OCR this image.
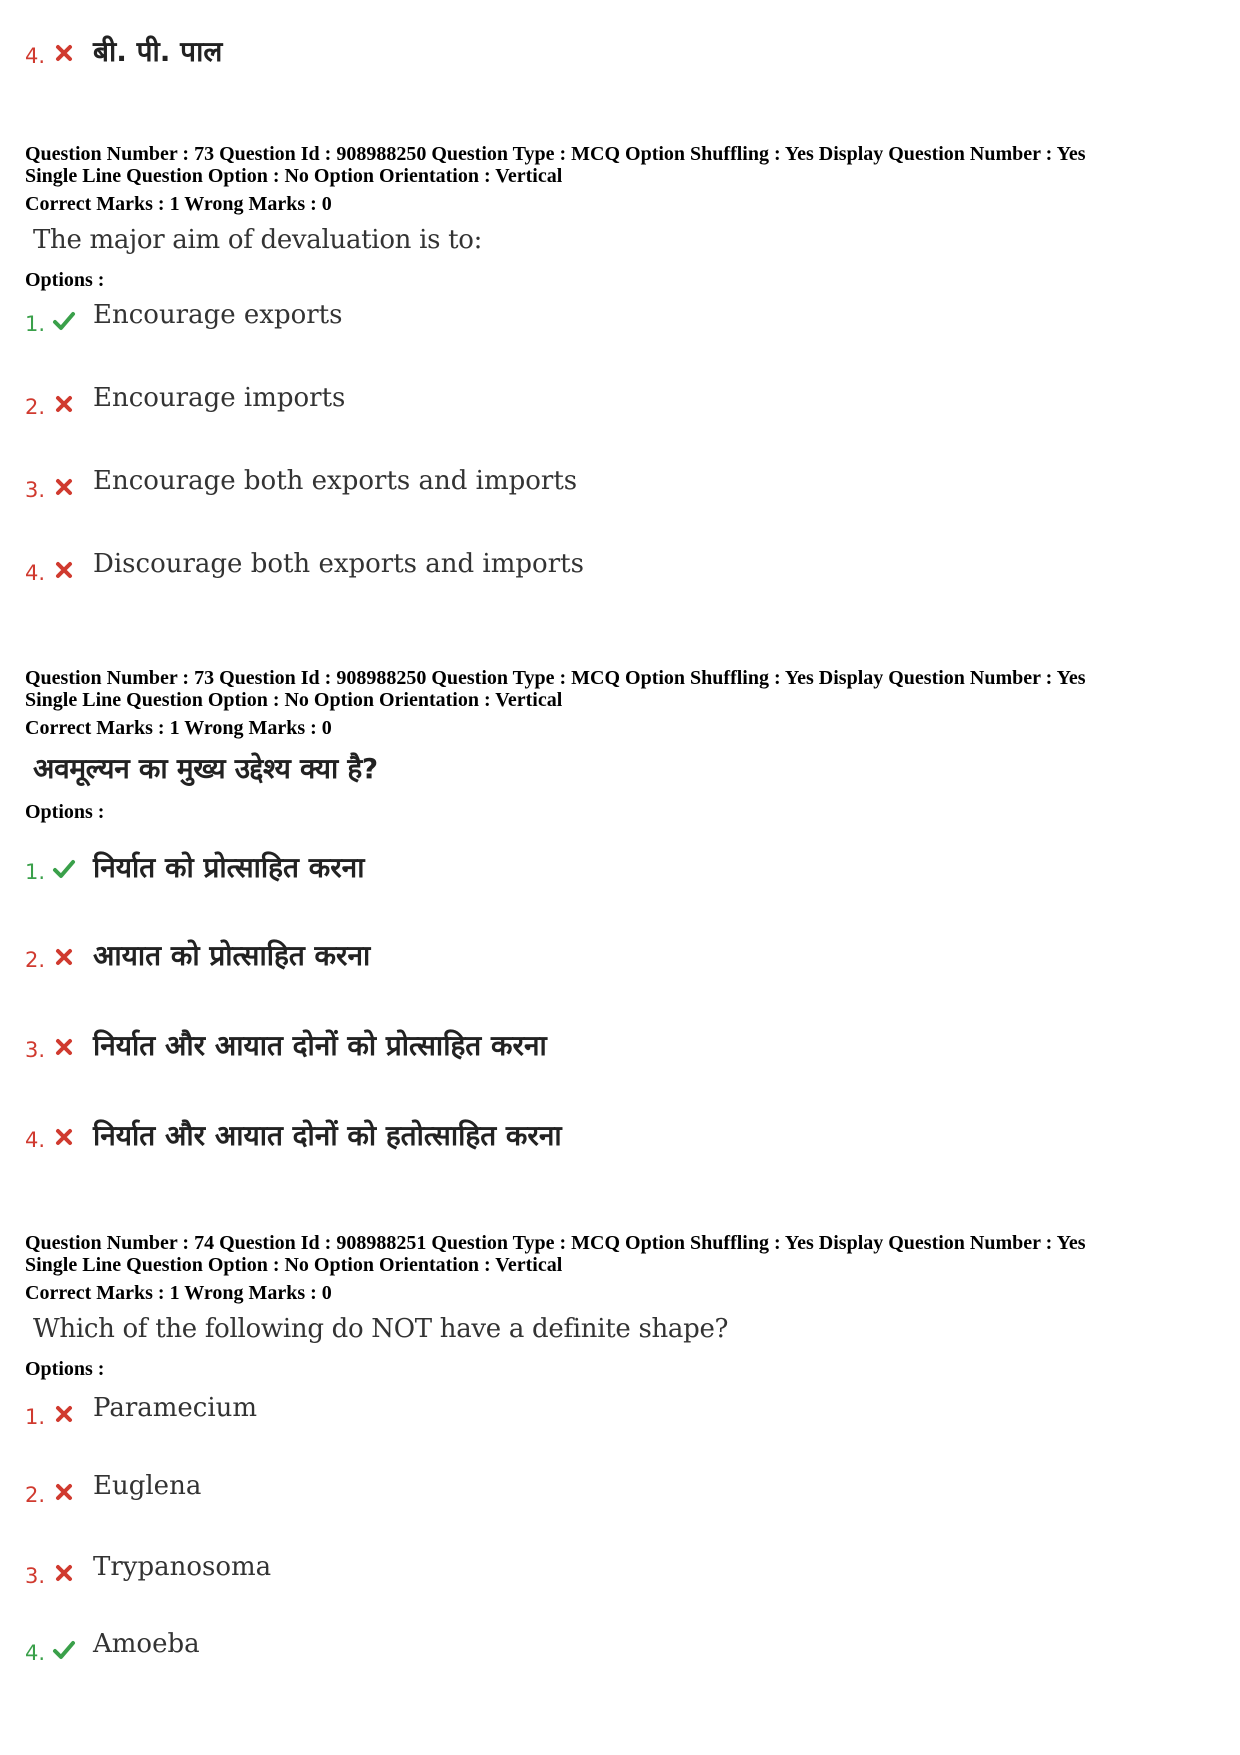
4. बी. पी. पाल

Question Number : 73 Question Id : 908988250 Question Type : MCQ Option Shuffling : Yes Display Question Number : Yes

Single Line Question Option : No Option Orientation : Vertical

Correct Marks : 1 Wrong Marks : 0

The major aim of devaluation is to:

Options :

1. Encourage exports
2. Encourage imports
3. Encourage both exports and imports
4. Discourage both exports and imports

Question Number : 73 Question Id : 908988250 Question Type : MCQ Option Shuffling : Yes Display Question Number : Yes

Single Line Question Option : No Option Orientation : Vertical

Correct Marks : 1 Wrong Marks : 0

अवमूल्यन का मुख्य उद्देश्य क्या है?

Options :

1. निर्यात को प्रोत्साहित करना
2. आयात को प्रोत्साहित करना
3. निर्यात और आयात दोनों को प्रोत्साहित करना
4. निर्यात और आयात दोनों को हतोत्साहित करना

Question Number : 74 Question Id : 908988251 Question Type : MCQ Option Shuffling : Yes Display Question Number : Yes

Single Line Question Option : No Option Orientation : Vertical

Correct Marks : 1 Wrong Marks : 0

Which of the following do NOT have a definite shape?

Options :

1. Paramecium
2. Euglena
3. Trypanosoma
4. Amoeba
